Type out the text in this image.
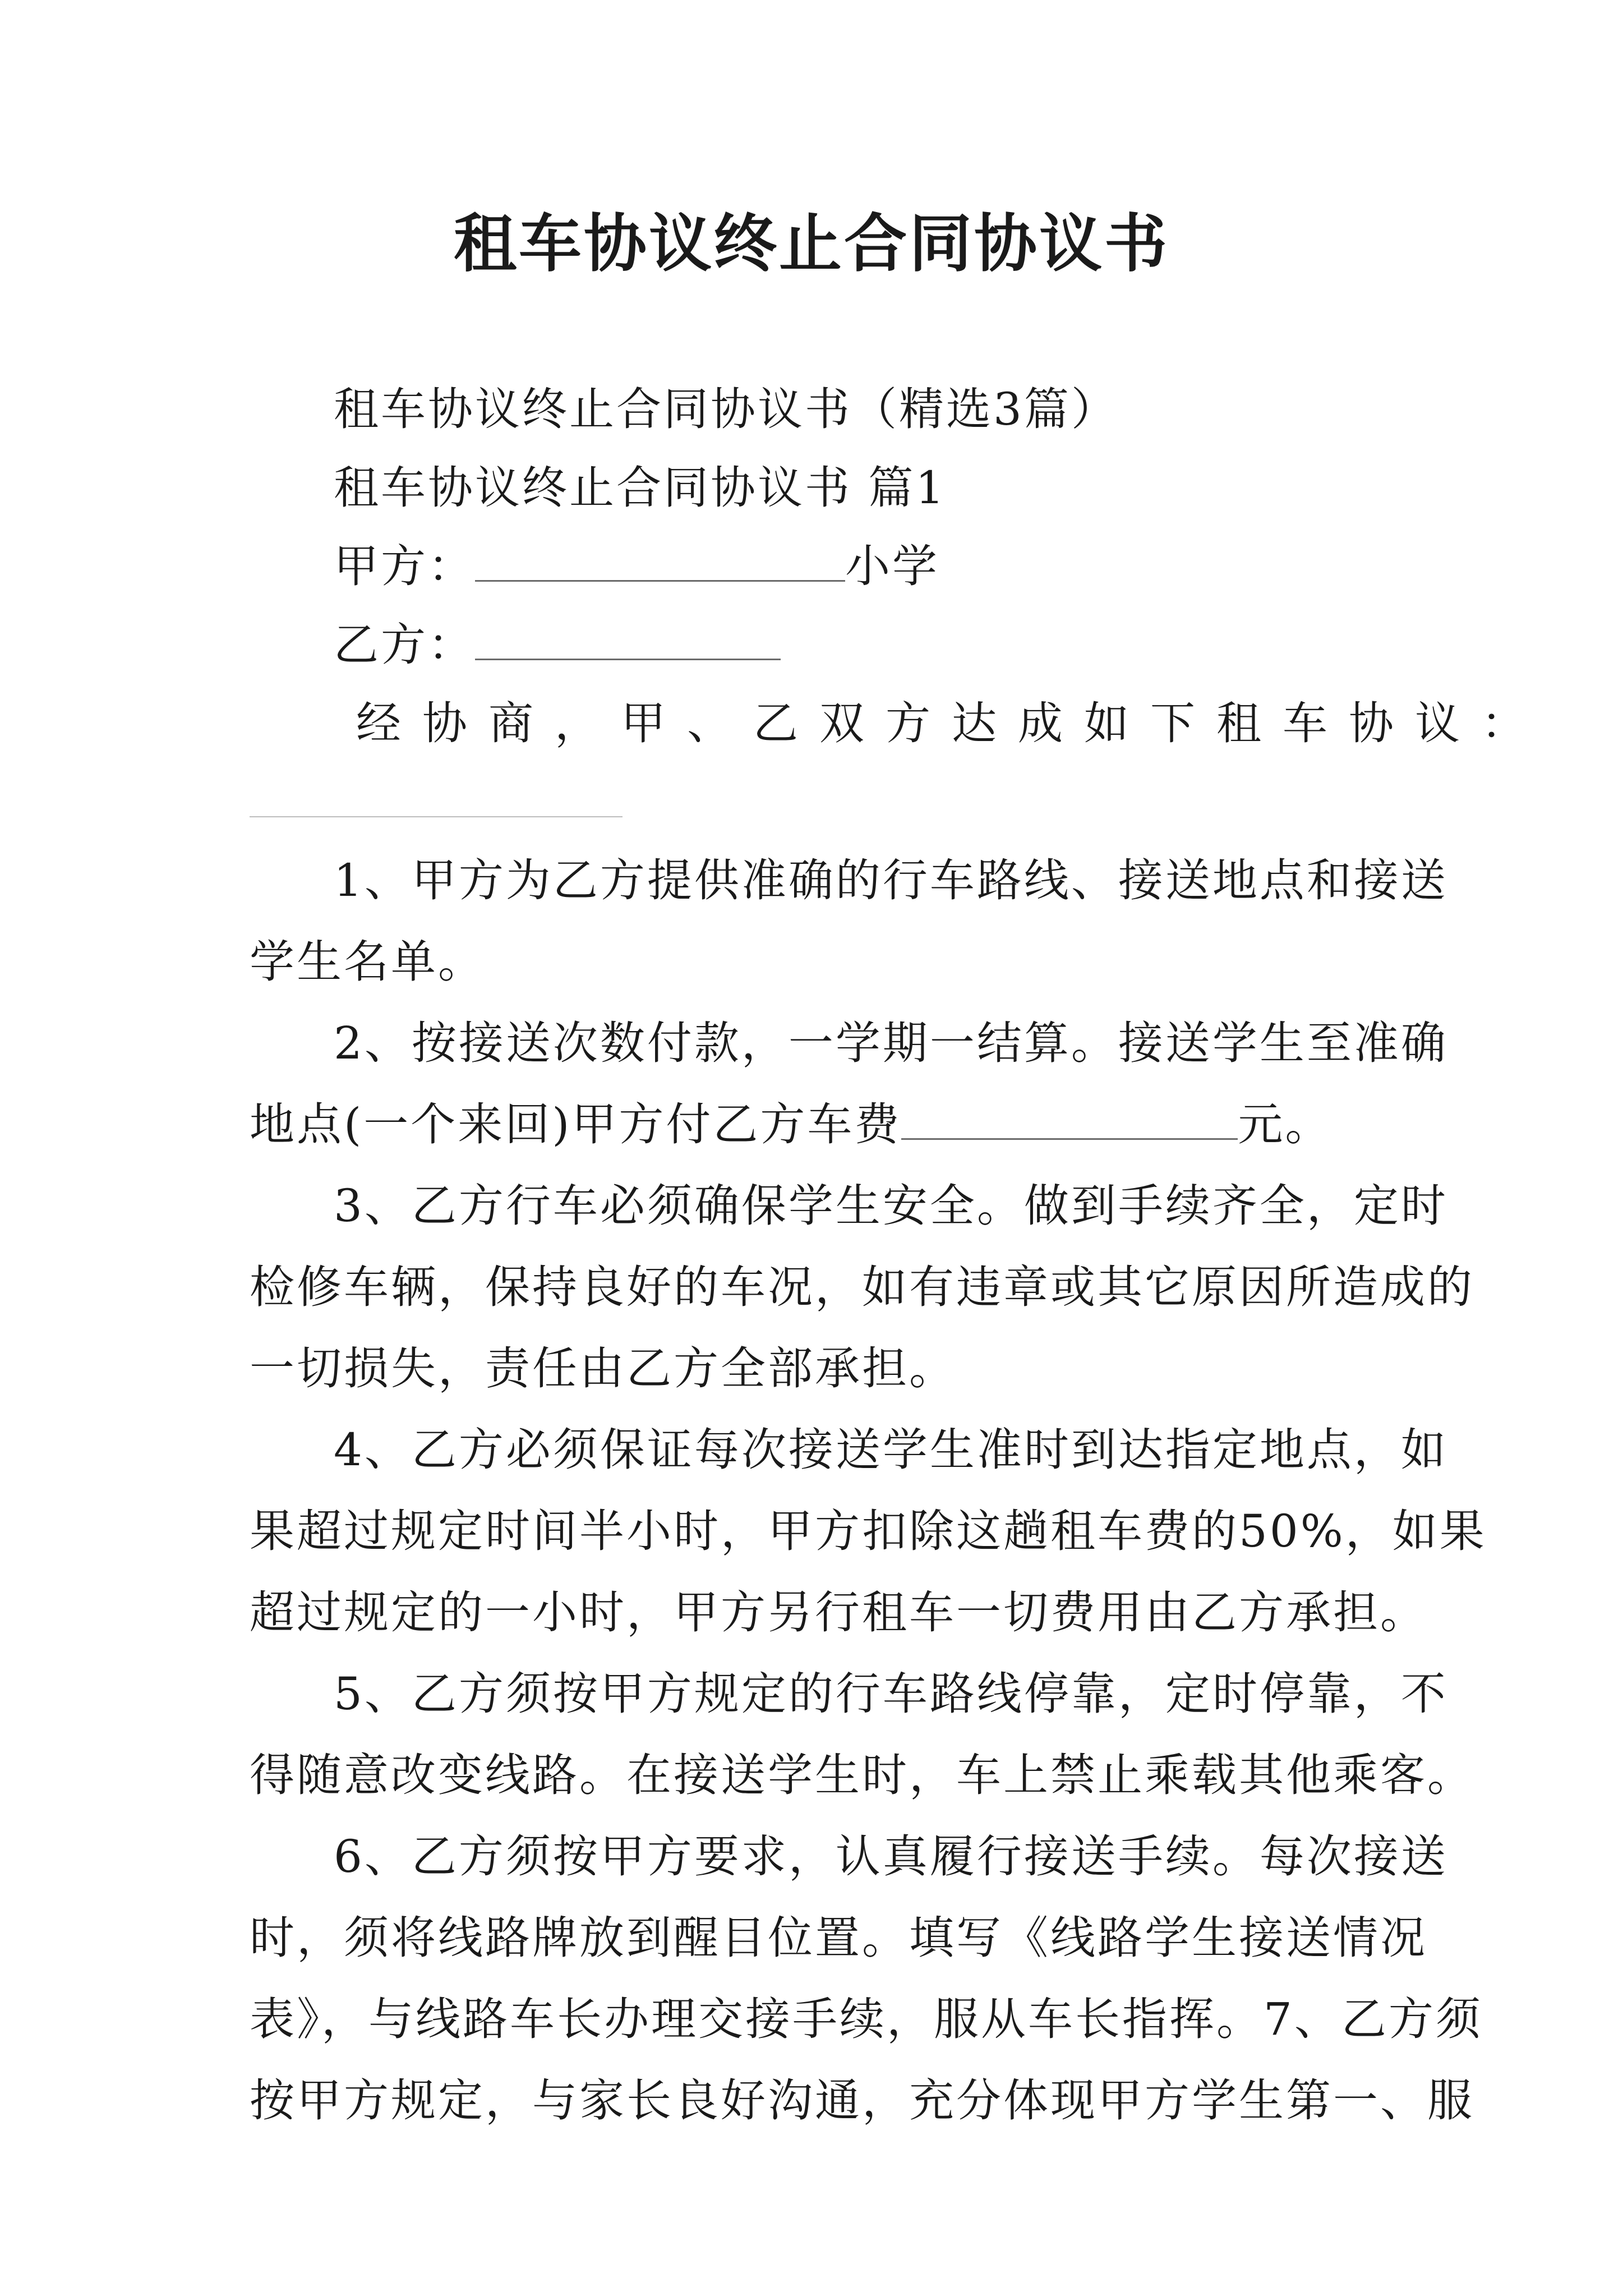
租车协议终止合同协议书
租车协议终止合同协议书（精选3篇）
租车协议终止合同协议书 篇1
甲方：	小学
乙方：
经协商，甲、乙双方达成如下租车协议：
1、甲方为乙方提供准确的行车路线、接送地点和接送
学生名单。
2、按接送次数付款，一学期一结算。接送学生至准确
地点(一个来回)甲方付乙方车费	元。
3、乙方行车必须确保学生安全。做到手续齐全，定时
检修车辆，保持良好的车况，如有违章或其它原因所造成的
一切损失，责任由乙方全部承担。
4、乙方必须保证每次接送学生准时到达指定地点，如
果超过规定时间半小时，甲方扣除这趟租车费的50%，如果
超过规定的一小时，甲方另行租车一切费用由乙方承担。
5、乙方须按甲方规定的行车路线停靠，定时停靠，不
得随意改变线路。在接送学生时，车上禁止乘载其他乘客。
6、乙方须按甲方要求，认真履行接送手续。每次接送
时，须将线路牌放到醒目位置。填写《线路学生接送情况
表》，与线路车长办理交接手续，服从车长指挥。7、乙方须
按甲方规定，与家长良好沟通，充分体现甲方学生第一、服
